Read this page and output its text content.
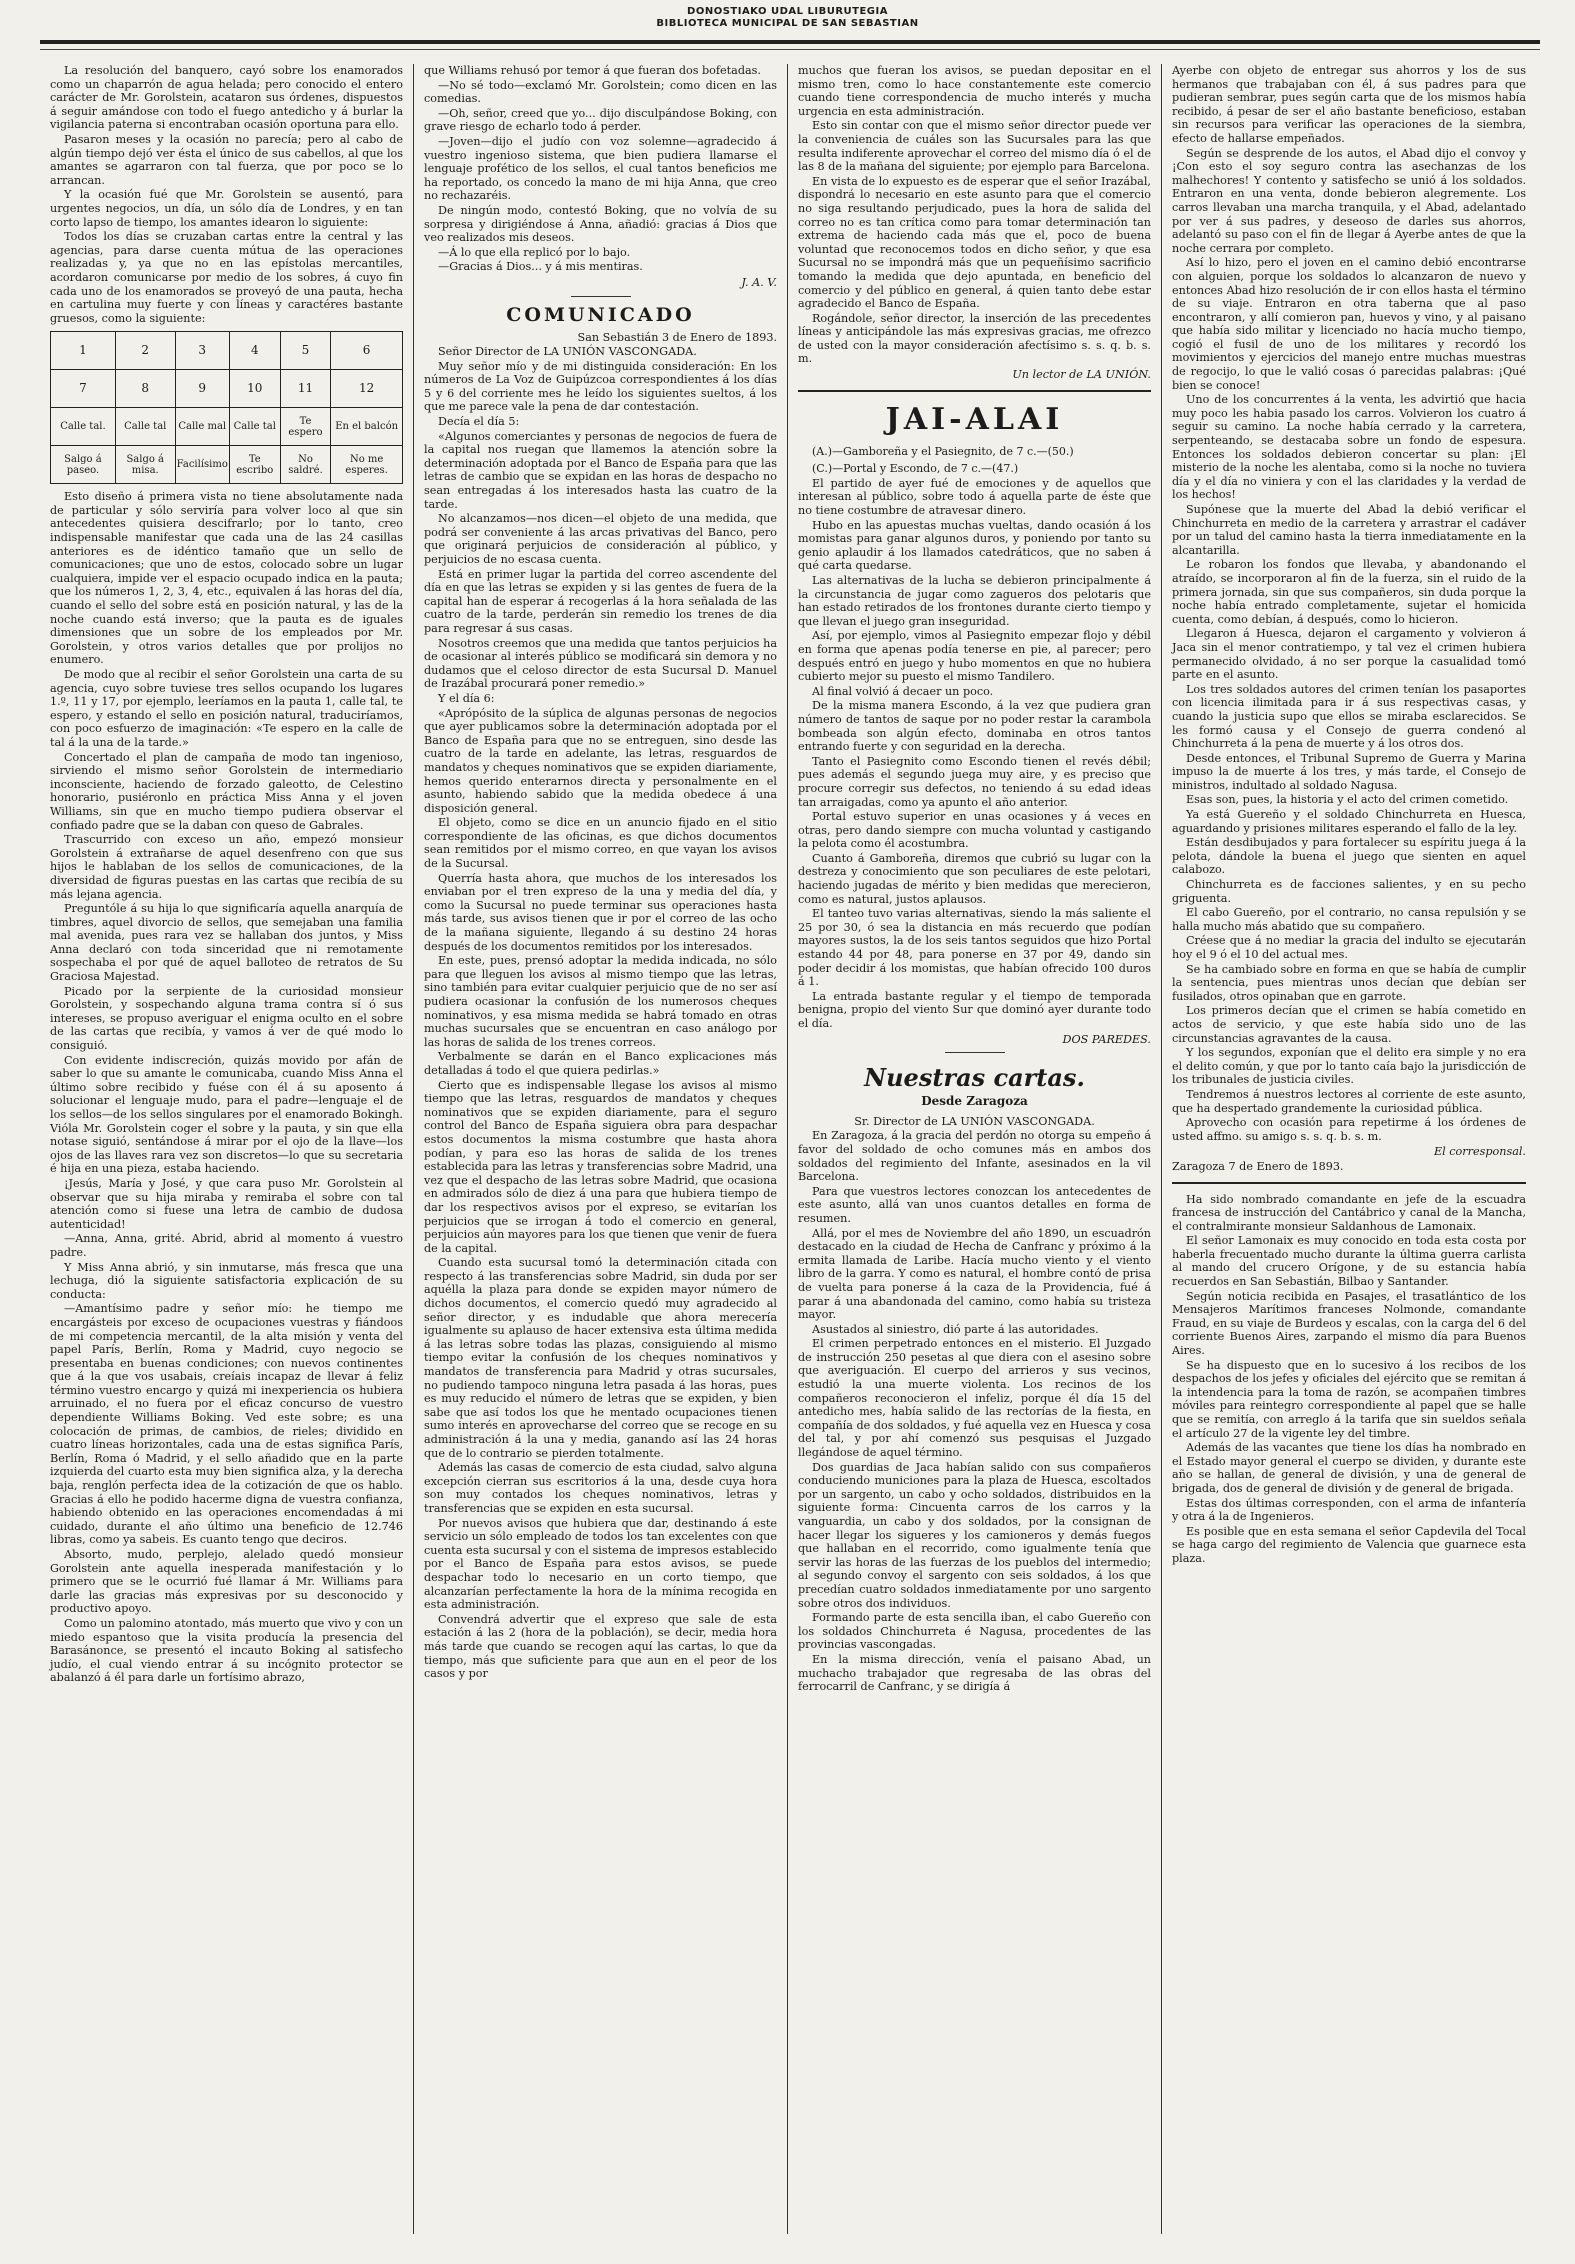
DONOSTIAKO UDAL LIBURUTEGIA
BIBLIOTECA MUNICIPAL DE SAN SEBASTIAN

La resolución del banquero, cayó sobre los enamorados como un chaparrón de agua helada; pero conocido el entero carácter de Mr. Gorolstein, acataron sus órdenes, dispuestos á seguir amándose con todo el fuego antedicho y á burlar la vigilancia paterna si encontraban ocasión oportuna para ello.

Pasaron meses y la ocasión no parecía; pero al cabo de algún tiempo dejó ver ésta el único de sus cabellos, al que los amantes se agarraron con tal fuerza, que por poco se lo arrancan.

Y la ocasión fué que Mr. Gorolstein se ausentó, para urgentes negocios, un día, un sólo día de Londres, y en tan corto lapso de tiempo, los amantes idearon lo siguiente:

Todos los días se cruzaban cartas entre la central y las agencias, para darse cuenta mútua de las operaciones realizadas y, ya que no en las epístolas mercantiles, acordaron comunicarse por medio de los sobres, á cuyo fin cada uno de los enamorados se proveyó de una pauta, hecha en cartulina muy fuerte y con líneas y caractéres bastante gruesos, como la siguiente:

1	2	3	4	5	6
7	8	9	10	11	12
Calle tal.	Calle tal	Calle mal	Calle tal	Te espero	En el balcón
Salgo á paseo.	Salgo á misa.	Facilísimo	Te escribo	No saldré.	No me esperes.

Esto diseño á primera vista no tiene absolutamente nada de particular y sólo serviría para volver loco al que sin antecedentes quisiera descifrarlo; por lo tanto, creo indispensable manifestar que cada una de las 24 casillas anteriores es de idéntico tamaño que un sello de comunicaciones; que uno de estos, colocado sobre un lugar cualquiera, impide ver el espacio ocupado indica en la pauta; que los números 1, 2, 3, 4, etc., equivalen á las horas del día, cuando el sello del sobre está en posición natural, y las de la noche cuando está inverso; que la pauta es de iguales dimensiones que un sobre de los empleados por Mr. Gorolstein, y otros varios detalles que por prolijos no enumero.

De modo que al recibir el señor Gorolstein una carta de su agencia, cuyo sobre tuviese tres sellos ocupando los lugares 1.º, 11 y 17, por ejemplo, leeríamos en la pauta 1, calle tal, te espero, y estando el sello en posición natural, traduciríamos, con poco esfuerzo de imaginación: «Te espero en la calle de tal á la una de la tarde.»

Concertado el plan de campaña de modo tan ingenioso, sirviendo el mismo señor Gorolstein de intermediario inconsciente, haciendo de forzado galeotto, de Celestino honorario, pusiéronlo en práctica Miss Anna y el joven Williams, sin que en mucho tiempo pudiera observar el confiado padre que se la daban con queso de Gabrales.

Trascurrido con exceso un año, empezó monsieur Gorolstein á extrañarse de aquel desenfreno con que sus hijos le hablaban de los sellos de comunicaciones, de la diversidad de figuras puestas en las cartas que recibía de su más lejana agencia.

Preguntóle á su hija lo que significaría aquella anarquía de timbres, aquel divorcio de sellos, que semejaban una familia mal avenida, pues rara vez se hallaban dos juntos, y Miss Anna declaró con toda sinceridad que ni remotamente sospechaba el por qué de aquel balloteo de retratos de Su Graciosa Majestad.

Picado por la serpiente de la curiosidad monsieur Gorolstein, y sospechando alguna trama contra sí ó sus intereses, se propuso averiguar el enigma oculto en el sobre de las cartas que recibía, y vamos á ver de qué modo lo consiguió.

Con evidente indiscreción, quizás movido por afán de saber lo que su amante le comunicaba, cuando Miss Anna el último sobre recibido y fuése con él á su aposento á solucionar el lenguaje mudo, para el padre—lenguaje el de los sellos—de los sellos singulares por el enamorado Bokingh. Vióla Mr. Gorolstein coger el sobre y la pauta, y sin que ella notase siguió, sentándose á mirar por el ojo de la llave—los ojos de las llaves rara vez son discretos—lo que su secretaria é hija en una pieza, estaba haciendo.

¡Jesús, María y José, y que cara puso Mr. Gorolstein al observar que su hija miraba y remiraba el sobre con tal atención como si fuese una letra de cambio de dudosa autenticidad!

—Anna, Anna, grité. Abrid, abrid al momento á vuestro padre.

Y Miss Anna abrió, y sin inmutarse, más fresca que una lechuga, dió la siguiente satisfactoria explicación de su conducta:

—Amantísimo padre y señor mío: he tiempo me encargásteis por exceso de ocupaciones vuestras y fiándoos de mi competencia mercantil, de la alta misión y venta del papel París, Berlín, Roma y Madrid, cuyo negocio se presentaba en buenas condiciones; con nuevos continentes que á la que vos usabais, creíais incapaz de llevar á feliz término vuestro encargo y quizá mi inexperiencia os hubiera arruinado, el no fuera por el eficaz concurso de vuestro dependiente Williams Boking. Ved este sobre; es una colocación de primas, de cambios, de rieles; dividido en cuatro líneas horizontales, cada una de estas significa París, Berlín, Roma ó Madrid, y el sello añadido que en la parte izquierda del cuarto esta muy bien significa alza, y la derecha baja, renglón perfecta idea de la cotización de que os hablo. Gracias á ello he podido hacerme digna de vuestra confianza, habiendo obtenido en las operaciones encomendadas á mi cuidado, durante el año último una beneficio de 12.746 libras, como ya sabeis. Es cuanto tengo que deciros.

Absorto, mudo, perplejo, alelado quedó monsieur Gorolstein ante aquella inesperada manifestación y lo primero que se le ocurrió fué llamar á Mr. Williams para darle las gracias más expresivas por su desconocido y productivo apoyo.

Como un palomino atontado, más muerto que vivo y con un miedo espantoso que la visita producía la presencia del Barasánonce, se presentó el incauto Boking al satisfecho judío, el cual viendo entrar á su incógnito protector se abalanzó á él para darle un fortísimo abrazo,

que Williams rehusó por temor á que fueran dos bofetadas.

—No sé todo—exclamó Mr. Gorolstein; como dicen en las comedias.

—Oh, señor, creed que yo... dijo disculpándose Boking, con grave riesgo de echarlo todo á perder.

—Joven—dijo el judío con voz solemne—agradecido á vuestro ingenioso sistema, que bien pudiera llamarse el lenguaje profético de los sellos, el cual tantos beneficios me ha reportado, os concedo la mano de mi hija Anna, que creo no rechazaréis.

De ningún modo, contestó Boking, que no volvía de su sorpresa y dirigiéndose á Anna, añadió: gracias á Dios que veo realizados mis deseos.

—Á lo que ella replicó por lo bajo.

—Gracias á Dios... y á mis mentiras.

J. A. V.

COMUNICADO

San Sebastián 3 de Enero de 1893.

Señor Director de LA UNIÓN VASCONGADA.

Muy señor mío y de mi distinguida consideración: En los números de La Voz de Guipúzcoa correspondientes á los días 5 y 6 del corriente mes he leído los siguientes sueltos, á los que me parece vale la pena de dar contestación.

Decía el día 5:

«Algunos comerciantes y personas de negocios de fuera de la capital nos ruegan que llamemos la atención sobre la determinación adoptada por el Banco de España para que las letras de cambio que se expidan en las horas de despacho no sean entregadas á los interesados hasta las cuatro de la tarde.

No alcanzamos—nos dicen—el objeto de una medida, que podrá ser conveniente á las arcas privativas del Banco, pero que originará perjuicios de consideración al público, y perjuicios de no escasa cuenta.

Está en primer lugar la partida del correo ascendente del día en que las letras se expiden y si las gentes de fuera de la capital han de esperar á recogerlas á la hora señalada de las cuatro de la tarde, perderán sin remedio los trenes de dia para regresar á sus casas.

Nosotros creemos que una medida que tantos perjuicios ha de ocasionar al interés público se modificará sin demora y no dudamos que el celoso director de esta Sucursal D. Manuel de Irazábal procurará poner remedio.»

Y el día 6:

«Aprópósito de la súplica de algunas personas de negocios que ayer publicamos sobre la determinación adoptada por el Banco de España para que no se entreguen, sino desde las cuatro de la tarde en adelante, las letras, resguardos de mandatos y cheques nominativos que se expiden diariamente, hemos querido enterarnos directa y personalmente en el asunto, habiendo sabido que la medida obedece á una disposición general.

El objeto, como se dice en un anuncio fijado en el sitio correspondiente de las oficinas, es que dichos documentos sean remitidos por el mismo correo, en que vayan los avisos de la Sucursal.

Querría hasta ahora, que muchos de los interesados los enviaban por el tren expreso de la una y media del día, y como la Sucursal no puede terminar sus operaciones hasta más tarde, sus avisos tienen que ir por el correo de las ocho de la mañana siguiente, llegando á su destino 24 horas después de los documentos remitidos por los interesados.

En este, pues, prensó adoptar la medida indicada, no sólo para que lleguen los avisos al mismo tiempo que las letras, sino también para evitar cualquier perjuicio que de no ser así pudiera ocasionar la confusión de los numerosos cheques nominativos, y esa misma medida se habrá tomado en otras muchas sucursales que se encuentran en caso análogo por las horas de salida de los trenes correos.

Verbalmente se darán en el Banco explicaciones más detalladas á todo el que quiera pedirlas.»

Cierto que es indispensable llegase los avisos al mismo tiempo que las letras, resguardos de mandatos y cheques nominativos que se expiden diariamente, para el seguro control del Banco de España siguiera obra para despachar estos documentos la misma costumbre que hasta ahora podían, y para eso las horas de salida de los trenes establecida para las letras y transferencias sobre Madrid, una vez que el despacho de las letras sobre Madrid, que ocasiona en admirados sólo de diez á una para que hubiera tiempo de dar los respectivos avisos por el expreso, se evitarían los perjuicios que se irrogan á todo el comercio en general, perjuicios aún mayores para los que tienen que venir de fuera de la capital.

Cuando esta sucursal tomó la determinación citada con respecto á las transferencias sobre Madrid, sin duda por ser aquélla la plaza para donde se expiden mayor número de dichos documentos, el comercio quedó muy agradecido al señor director, y es indudable que ahora merecería igualmente su aplauso de hacer extensiva esta última medida á las letras sobre todas las plazas, consiguiendo al mismo tiempo evitar la confusión de los cheques nominativos y mandatos de transferencia para Madrid y otras sucursales, no pudiendo tampoco ninguna letra pasada á las horas, pues es muy reducido el número de letras que se expiden, y bien sabe que así todos los que he mentado ocupaciones tienen sumo interés en aprovecharse del correo que se recoge en su administración á la una y media, ganando así las 24 horas que de lo contrario se pierden totalmente.

Además las casas de comercio de esta ciudad, salvo alguna excepción cierran sus escritorios á la una, desde cuya hora son muy contados los cheques nominativos, letras y transferencias que se expiden en esta sucursal.

Por nuevos avisos que hubiera que dar, destinando á este servicio un sólo empleado de todos los tan excelentes con que cuenta esta sucursal y con el sistema de impresos establecido por el Banco de España para estos avisos, se puede despachar todo lo necesario en un corto tiempo, que alcanzarían perfectamente la hora de la mínima recogida en esta administración.

Convendrá advertir que el expreso que sale de esta estación á las 2 (hora de la población), se decir, media hora más tarde que cuando se recogen aquí las cartas, lo que da tiempo, más que suficiente para que aun en el peor de los casos y por

muchos que fueran los avisos, se puedan depositar en el mismo tren, como lo hace constantemente este comercio cuando tiene correspondencia de mucho interés y mucha urgencia en esta administración.

Esto sin contar con que el mismo señor director puede ver la conveniencia de cuáles son las Sucursales para las que resulta indiferente aprovechar el correo del mismo día ó el de las 8 de la mañana del siguiente; por ejemplo para Barcelona.

En vista de lo expuesto es de esperar que el señor Irazábal, dispondrá lo necesario en este asunto para que el comercio no siga resultando perjudicado, pues la hora de salida del correo no es tan crítica como para tomar determinación tan extrema de haciendo cada más que el, poco de buena voluntad que reconocemos todos en dicho señor, y que esa Sucursal no se impondrá más que un pequeñísimo sacrificio tomando la medida que dejo apuntada, en beneficio del comercio y del público en general, á quien tanto debe estar agradecido el Banco de España.

Rogándole, señor director, la inserción de las precedentes líneas y anticipándole las más expresivas gracias, me ofrezco de usted con la mayor consideración afectísimo s. s. q. b. s. m.

Un lector de LA UNIÓN.

JAI-ALAI

(A.)—Gamboreña y el Pasiegnito, de 7 c.—(50.)

(C.)—Portal y Escondo, de 7 c.—(47.)

El partido de ayer fué de emociones y de aquellos que interesan al público, sobre todo á aquella parte de éste que no tiene costumbre de atravesar dinero.

Hubo en las apuestas muchas vueltas, dando ocasión á los momistas para ganar algunos duros, y poniendo por tanto su genio aplaudir á los llamados catedráticos, que no saben á qué carta quedarse.

Las alternativas de la lucha se debieron principalmente á la circunstancia de jugar como zagueros dos pelotaris que han estado retirados de los frontones durante cierto tiempo y que llevan el juego gran inseguridad.

Así, por ejemplo, vimos al Pasiegnito empezar flojo y débil en forma que apenas podía tenerse en pie, al parecer; pero después entró en juego y hubo momentos en que no hubiera cubierto mejor su puesto el mismo Tandilero.

Al final volvió á decaer un poco.

De la misma manera Escondo, á la vez que pudiera gran número de tantos de saque por no poder restar la carambola bombeada son algún efecto, dominaba en otros tantos entrando fuerte y con seguridad en la derecha.

Tanto el Pasiegnito como Escondo tienen el revés débil; pues además el segundo juega muy aire, y es preciso que procure corregir sus defectos, no teniendo á su edad ideas tan arraigadas, como ya apunto el año anterior.

Portal estuvo superior en unas ocasiones y á veces en otras, pero dando siempre con mucha voluntad y castigando la pelota como él acostumbra.

Cuanto á Gamboreña, diremos que cubrió su lugar con la destreza y conocimiento que son peculiares de este pelotari, haciendo jugadas de mérito y bien medidas que merecieron, como es natural, justos aplausos.

El tanteo tuvo varias alternativas, siendo la más saliente el 25 por 30, ó sea la distancia en más recuerdo que podían mayores sustos, la de los seis tantos seguidos que hizo Portal estando 44 por 48, para ponerse en 37 por 49, dando sin poder decidir á los momistas, que habían ofrecido 100 duros á 1.

La entrada bastante regular y el tiempo de temporada benigna, propio del viento Sur que dominó ayer durante todo el día.

DOS PAREDES.

Nuestras cartas.
Desde Zaragoza

Sr. Director de LA UNIÓN VASCONGADA.

En Zaragoza, á la gracia del perdón no otorga su empeño á favor del soldado de ocho comunes más en ambos dos soldados del regimiento del Infante, asesinados en la vil Barcelona.

Para que vuestros lectores conozcan los antecedentes de este asunto, allá van unos cuantos detalles en forma de resumen.

Allá, por el mes de Noviembre del año 1890, un escuadrón destacado en la ciudad de Hecha de Canfranc y próximo á la ermita llamada de Laribe. Hacía mucho viento y el viento libro de la garra. Y como es natural, el hombre contó de prisa de vuelta para ponerse á la caza de la Providencia, fué á parar á una abandonada del camino, como había su tristeza mayor.

Asustados al siniestro, dió parte á las autoridades.

El crimen perpetrado entonces en el misterio. El Juzgado de instrucción 250 pesetas al que diera con el asesino sobre que averiguación. El cuerpo del arrieros y sus vecinos, estudió la una muerte violenta. Los recinos de los compañeros reconocieron el infeliz, porque él día 15 del antedicho mes, había salido de las rectorías de la fiesta, en compañía de dos soldados, y fué aquella vez en Huesca y cosa del tal, y por ahí comenzó sus pesquisas el Juzgado llegándose de aquel término.

Dos guardias de Jaca habían salido con sus compañeros conduciendo municiones para la plaza de Huesca, escoltados por un sargento, un cabo y ocho soldados, distribuidos en la siguiente forma: Cincuenta carros de los carros y la vanguardia, un cabo y dos soldados, por la consignan de hacer llegar los sigueres y los camioneros y demás fuegos que hallaban en el recorrido, como igualmente tenía que servir las horas de las fuerzas de los pueblos del intermedio; al segundo convoy el sargento con seis soldados, á los que precedían cuatro soldados inmediatamente por uno sargento sobre otros dos individuos.

Formando parte de esta sencilla iban, el cabo Guereño con los soldados Chinchurreta é Nagusa, procedentes de las provincias vascongadas.

En la misma dirección, venía el paisano Abad, un muchacho trabajador que regresaba de las obras del ferrocarril de Canfranc, y se dirigía á

Ayerbe con objeto de entregar sus ahorros y los de sus hermanos que trabajaban con él, á sus padres para que pudieran sembrar, pues según carta que de los mismos había recibido, á pesar de ser el año bastante beneficioso, estaban sin recursos para verificar las operaciones de la siembra, efecto de hallarse empeñados.

Según se desprende de los autos, el Abad dijo el convoy y ¡Con esto el soy seguro contra las asechanzas de los malhechores! Y contento y satisfecho se unió á los soldados. Entraron en una venta, donde bebieron alegremente. Los carros llevaban una marcha tranquila, y el Abad, adelantado por ver á sus padres, y deseoso de darles sus ahorros, adelantó su paso con el fin de llegar á Ayerbe antes de que la noche cerrara por completo.

Así lo hizo, pero el joven en el camino debió encontrarse con alguien, porque los soldados lo alcanzaron de nuevo y entonces Abad hizo resolución de ir con ellos hasta el término de su viaje. Entraron en otra taberna que al paso encontraron, y allí comieron pan, huevos y vino, y al paisano que había sido militar y licenciado no hacía mucho tiempo, cogió el fusil de uno de los militares y recordó los movimientos y ejercicios del manejo entre muchas muestras de regocijo, lo que le valió cosas ó parecidas palabras: ¡Qué bien se conoce!

Uno de los concurrentes á la venta, les advirtió que hacia muy poco les habia pasado los carros. Volvieron los cuatro á seguir su camino. La noche había cerrado y la carretera, serpenteando, se destacaba sobre un fondo de espesura. Entonces los soldados debieron concertar su plan: ¡El misterio de la noche les alentaba, como si la noche no tuviera día y el día no viniera y con el las claridades y la verdad de los hechos!

Supónese que la muerte del Abad la debió verificar el Chinchurreta en medio de la carretera y arrastrar el cadáver por un talud del camino hasta la tierra inmediatamente en la alcantarilla.

Le robaron los fondos que llevaba, y abandonando el atraído, se incorporaron al fin de la fuerza, sin el ruido de la primera jornada, sin que sus compañeros, sin duda porque la noche había entrado completamente, sujetar el homicida cuenta, como debían, á después, como lo hicieron.

Llegaron á Huesca, dejaron el cargamento y volvieron á Jaca sin el menor contratiempo, y tal vez el crimen hubiera permanecido olvidado, á no ser porque la casualidad tomó parte en el asunto.

Los tres soldados autores del crimen tenían los pasaportes con licencia ilimitada para ir á sus respectivas casas, y cuando la justicia supo que ellos se miraba esclarecidos. Se les formó causa y el Consejo de guerra condenó al Chinchurreta á la pena de muerte y á los otros dos.

Desde entonces, el Tribunal Supremo de Guerra y Marina impuso la de muerte á los tres, y más tarde, el Consejo de ministros, indultado al soldado Nagusa.

Esas son, pues, la historia y el acto del crimen cometido.

Ya está Guereño y el soldado Chinchurreta en Huesca, aguardando y prisiones militares esperando el fallo de la ley.

Están desdibujados y para fortalecer su espíritu juega á la pelota, dándole la buena el juego que sienten en aquel calabozo.

Chinchurreta es de facciones salientes, y en su pecho griguenta.

El cabo Guereño, por el contrario, no cansa repulsión y se halla mucho más abatido que su compañero.

Créese que á no mediar la gracia del indulto se ejecutarán hoy el 9 ó el 10 del actual mes.

Se ha cambiado sobre en forma en que se había de cumplir la sentencia, pues mientras unos decían que debían ser fusilados, otros opinaban que en garrote.

Los primeros decían que el crimen se había cometido en actos de servicio, y que este había sido uno de las circunstancias agravantes de la causa.

Y los segundos, exponían que el delito era simple y no era el delito común, y que por lo tanto caía bajo la jurisdicción de los tribunales de justicia civiles.

Tendremos á nuestros lectores al corriente de este asunto, que ha despertado grandemente la curiosidad pública.

Aprovecho con ocasión para repetirme á los órdenes de usted affmo. su amigo s. s. q. b. s. m.

El corresponsal.

Zaragoza 7 de Enero de 1893.

Ha sido nombrado comandante en jefe de la escuadra francesa de instrucción del Cantábrico y canal de la Mancha, el contralmirante monsieur Saldanhous de Lamonaix.

El señor Lamonaix es muy conocido en toda esta costa por haberla frecuentado mucho durante la última guerra carlista al mando del crucero Orígone, y de su estancia había recuerdos en San Sebastián, Bilbao y Santander.

Según noticia recibida en Pasajes, el trasatlántico de los Mensajeros Marítimos franceses Nolmonde, comandante Fraud, en su viaje de Burdeos y escalas, con la carga del 6 del corriente Buenos Aires, zarpando el mismo día para Buenos Aires.

Se ha dispuesto que en lo sucesivo á los recibos de los despachos de los jefes y oficiales del ejército que se remitan á la intendencia para la toma de razón, se acompañen timbres móviles para reintegro correspondiente al papel que se halle que se remitía, con arreglo á la tarifa que sin sueldos señala el artículo 27 de la vigente ley del timbre.

Además de las vacantes que tiene los días ha nombrado en el Estado mayor general el cuerpo se dividen, y durante este año se hallan, de general de división, y una de general de brigada, dos de general de división y de general de brigada.

Estas dos últimas corresponden, con el arma de infantería y otra á la de Ingenieros.

Es posible que en esta semana el señor Capdevila del Tocal se haga cargo del regimiento de Valencia que guarnece esta plaza.
